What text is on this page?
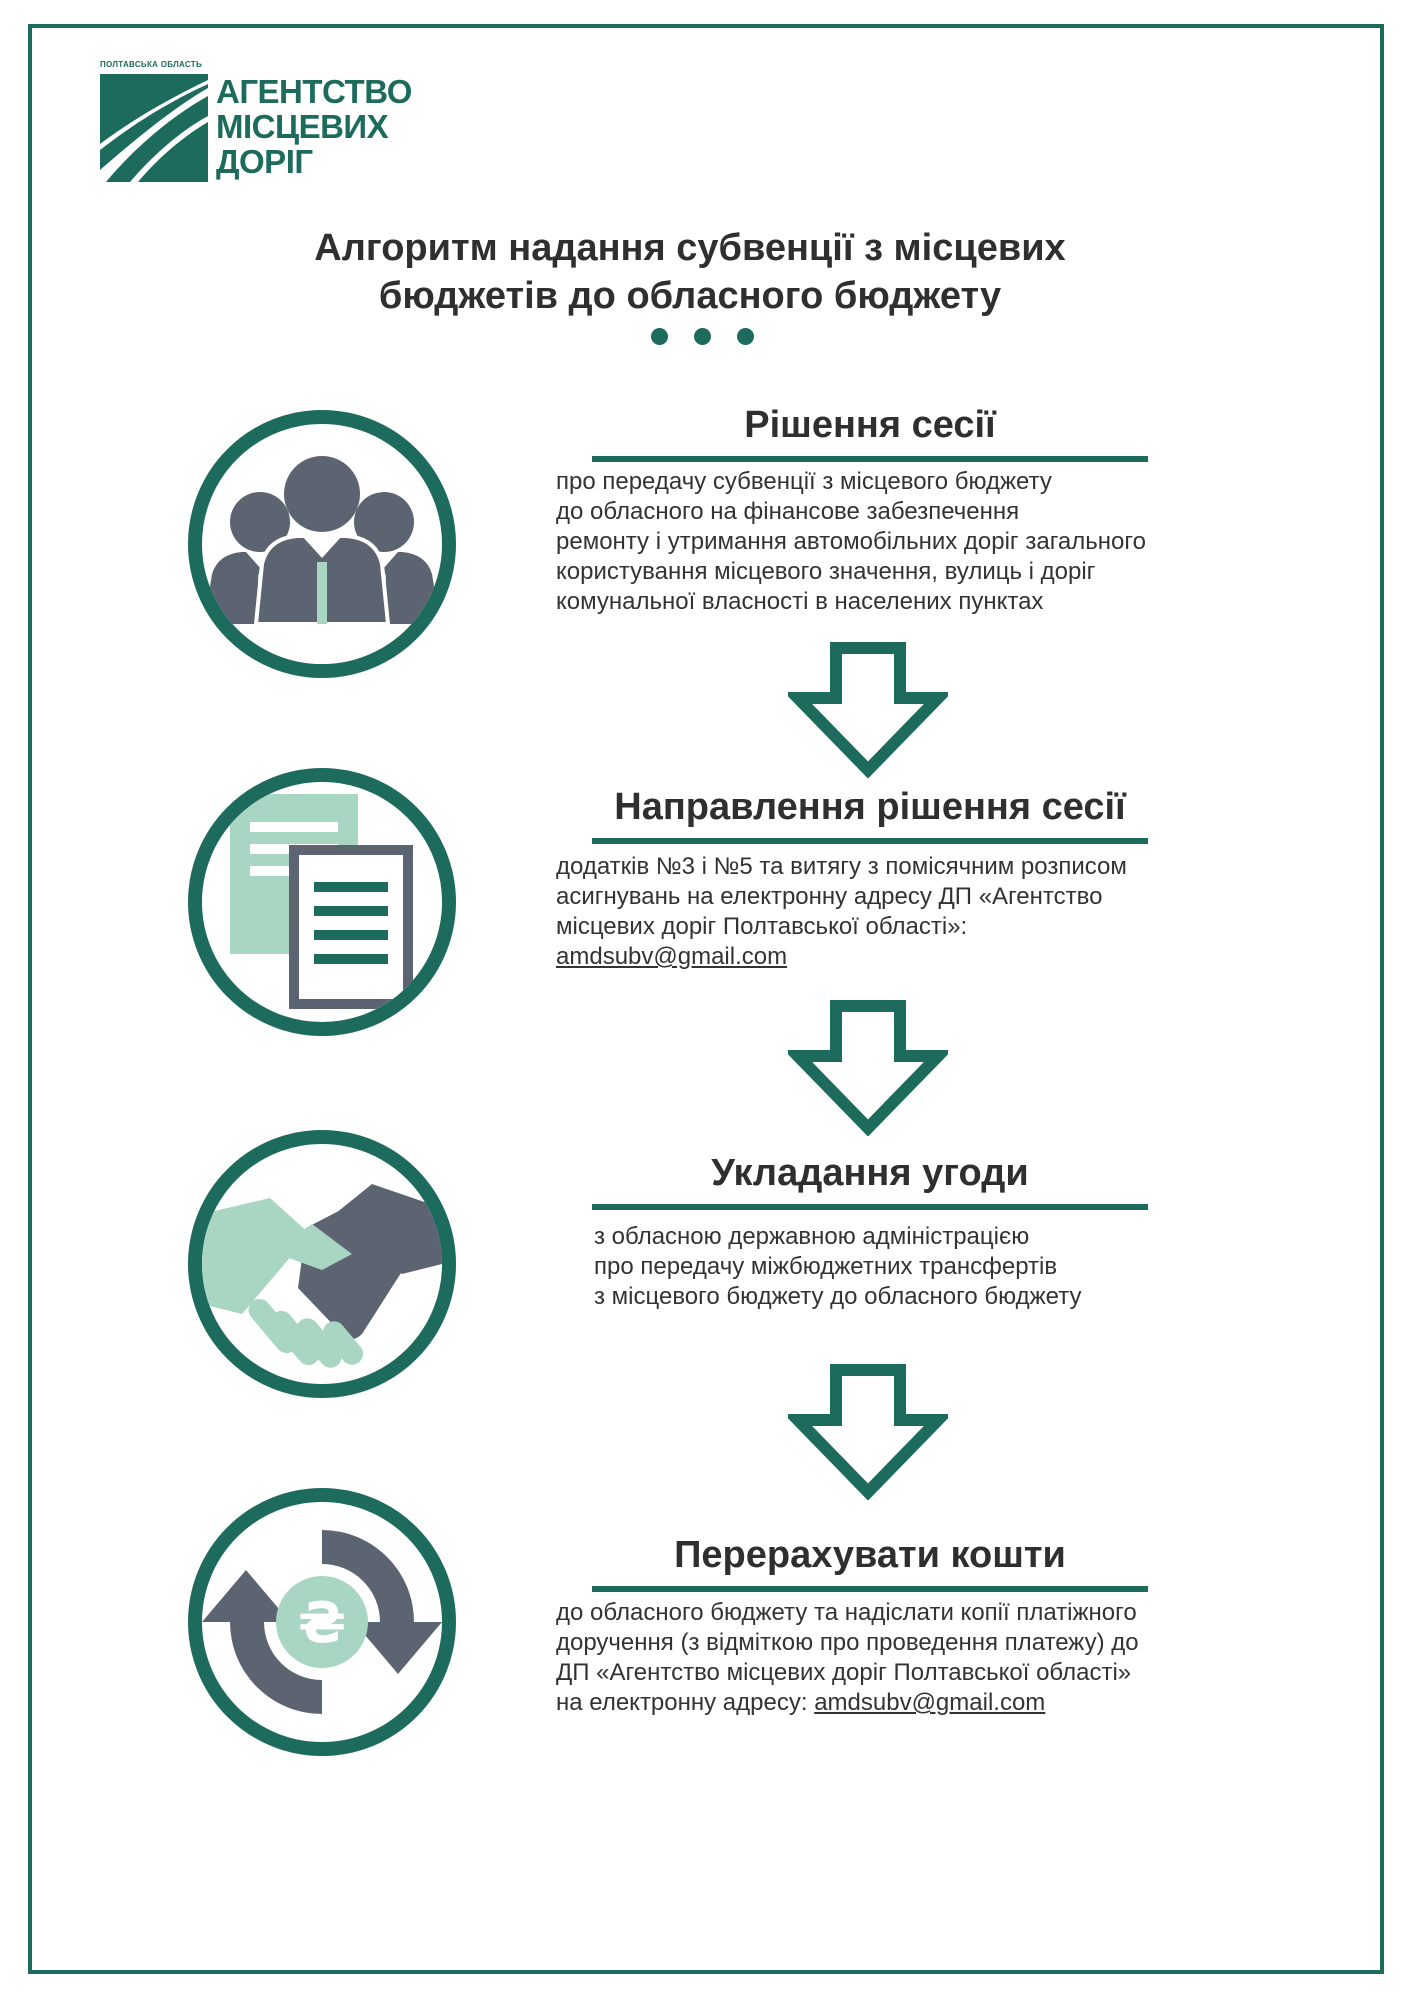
ПОЛТАВСЬКА ОБЛАСТЬ
АГЕНТСТВО
МІСЦЕВИХ
ДОРІГ
Алгоритм надання субвенції з місцевих
бюджетів до обласного бюджету
Рішення сесії
про передачу субвенції з місцевого бюджету
до обласного на фінансове забезпечення
ремонту і утримання автомобільних доріг загального
користування місцевого значення, вулиць і доріг
комунальної власності в населених пунктах
Направлення рішення сесії
додатків №3 і №5 та витягу з помісячним розписом
асигнувань на електронну адресу ДП «Агентство
місцевих доріг Полтавської області»:
amdsubv@gmail.com
Укладання угоди
з обласною державною адміністрацією
про передачу міжбюджетних трансфертів
з місцевого бюджету до обласного бюджету
₴
Перерахувати кошти
до обласного бюджету та надіслати копії платіжного
доручення (з відміткою про проведення платежу) до
ДП «Агентство місцевих доріг Полтавської області»
на електронну адресу: amdsubv@gmail.com
